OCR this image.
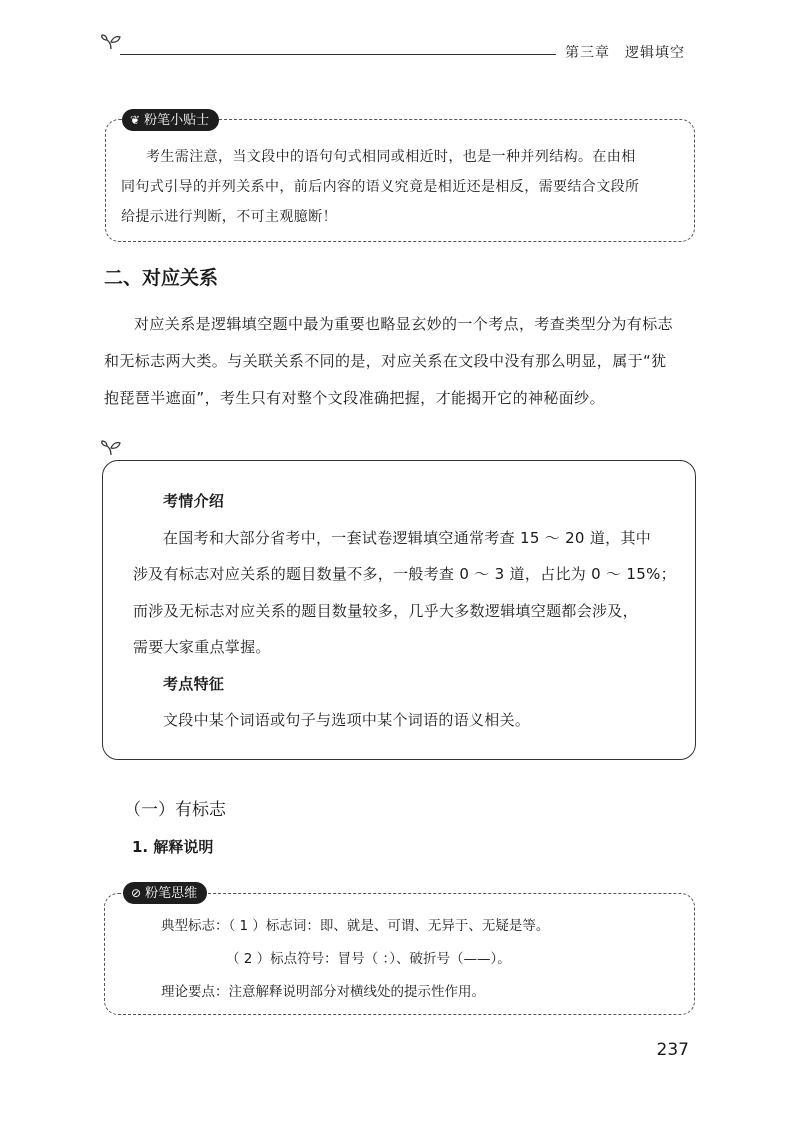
第三章　逻辑填空
考生需注意，当文段中的语句句式相同或相近时，也是一种并列结构。在由相
同句式引导的并列关系中，前后内容的语义究竟是相近还是相反，需要结合文段所
给提示进行判断，不可主观臆断！
❦ 粉笔小贴士
二、对应关系
对应关系是逻辑填空题中最为重要也略显玄妙的一个考点，考查类型分为有标志
和无标志两大类。与关联关系不同的是，对应关系在文段中没有那么明显，属于“犹
抱琵琶半遮面”，考生只有对整个文段准确把握，才能揭开它的神秘面纱。
考情介绍
在国考和大部分省考中，一套试卷逻辑填空通常考查 15 ～ 20 道，其中
涉及有标志对应关系的题目数量不多，一般考查 0 ～ 3 道，占比为 0 ～ 15%；
而涉及无标志对应关系的题目数量较多，几乎大多数逻辑填空题都会涉及，
需要大家重点掌握。
考点特征
文段中某个词语或句子与选项中某个词语的语义相关。
（一）有标志
1. 解释说明
典型标志：（ 1 ）标志词：即、就是、可谓、无异于、无疑是等。
（ 2 ）标点符号：冒号（ ：）、破折号（——）。
理论要点：注意解释说明部分对横线处的提示性作用。
⊘ 粉笔思维
237
